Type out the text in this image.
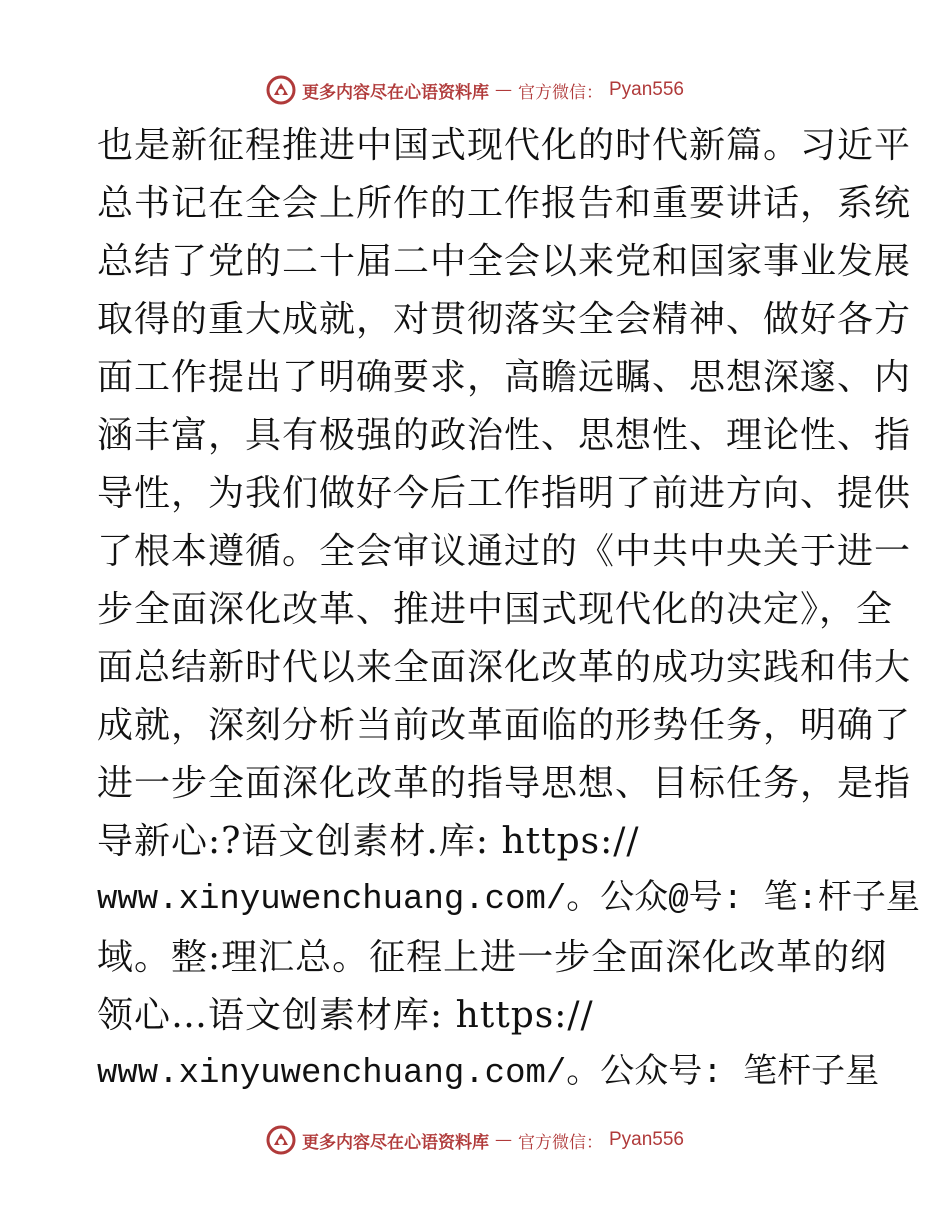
更多内容尽在心语资料库 — 官方微信： Pyan556
也是新征程推进中国式现代化的时代新篇。习近平
总书记在全会上所作的工作报告和重要讲话，系统
总结了党的二十届二中全会以来党和国家事业发展
取得的重大成就，对贯彻落实全会精神、做好各方
面工作提出了明确要求，高瞻远瞩、思想深邃、内
涵丰富，具有极强的政治性、思想性、理论性、指
导性，为我们做好今后工作指明了前进方向、提供
了根本遵循。全会审议通过的《中共中央关于进一
步全面深化改革、推进中国式现代化的决定》，全
面总结新时代以来全面深化改革的成功实践和伟大
成就，深刻分析当前改革面临的形势任务，明确了
进一步全面深化改革的指导思想、目标任务，是指
导新心:?语文创素材.库: https://
www.xinyuwenchuang.com/。公众@号: 笔:杆子星
域。整:理汇总。征程上进一步全面深化改革的纲
领心…语文创素材库: https://
www.xinyuwenchuang.com/。公众号: 笔杆子星
更多内容尽在心语资料库 — 官方微信： Pyan556
